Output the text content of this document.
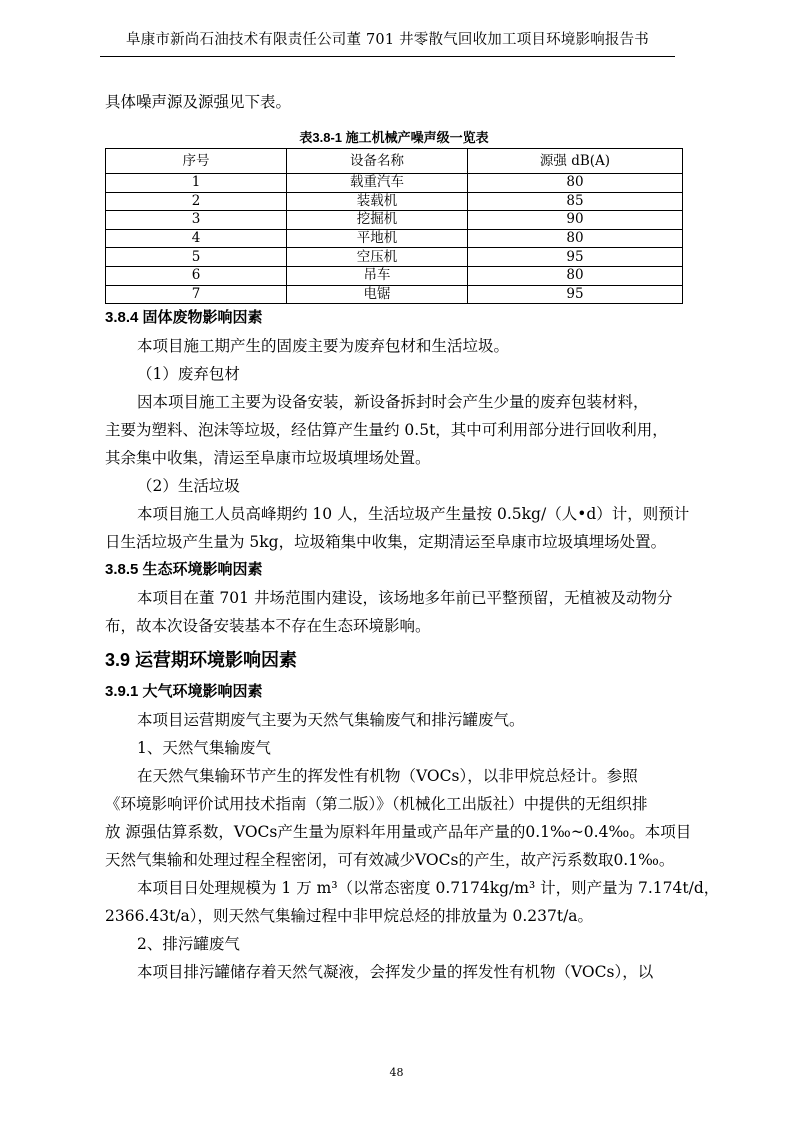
阜康市新尚石油技术有限责任公司董 701 井零散气回收加工项目环境影响报告书

具体噪声源及源强见下表。

表3.8-1 施工机械产噪声级一览表
序号	设备名称	源强 dB(A)
1	载重汽车	80
2	装载机	85
3	挖掘机	90
4	平地机	80
5	空压机	95
6	吊车	80
7	电锯	95

3.8.4 固体废物影响因素

本项目施工期产生的固废主要为废弃包材和生活垃圾。

（1）废弃包材

因本项目施工主要为设备安装，新设备拆封时会产生少量的废弃包装材料，

主要为塑料、泡沫等垃圾，经估算产生量约 0.5t，其中可利用部分进行回收利用，

其余集中收集，清运至阜康市垃圾填埋场处置。

（2）生活垃圾

本项目施工人员高峰期约 10 人，生活垃圾产生量按 0.5kg/（人•d）计，则预计

日生活垃圾产生量为 5kg，垃圾箱集中收集，定期清运至阜康市垃圾填埋场处置。

3.8.5 生态环境影响因素

本项目在董 701 井场范围内建设，该场地多年前已平整预留，无植被及动物分

布，故本次设备安装基本不存在生态环境影响。

3.9 运营期环境影响因素

3.9.1 大气环境影响因素

本项目运营期废气主要为天然气集输废气和排污罐废气。

1、天然气集输废气

在天然气集输环节产生的挥发性有机物（VOCs），以非甲烷总烃计。参照

《环境影响评价试用技术指南（第二版）》（机械化工出版社）中提供的无组织排

放 源强估算系数，VOCs产生量为原料年用量或产品年产量的0.1‰~0.4‰。本项目

天然气集输和处理过程全程密闭，可有效减少VOCs的产生，故产污系数取0.1‰。

本项目日处理规模为 1 万 m³（以常态密度 0.7174kg/m³ 计，则产量为 7.174t/d，

2366.43t/a），则天然气集输过程中非甲烷总烃的排放量为 0.237t/a。

2、排污罐废气

本项目排污罐储存着天然气凝液，会挥发少量的挥发性有机物（VOCs），以

48
